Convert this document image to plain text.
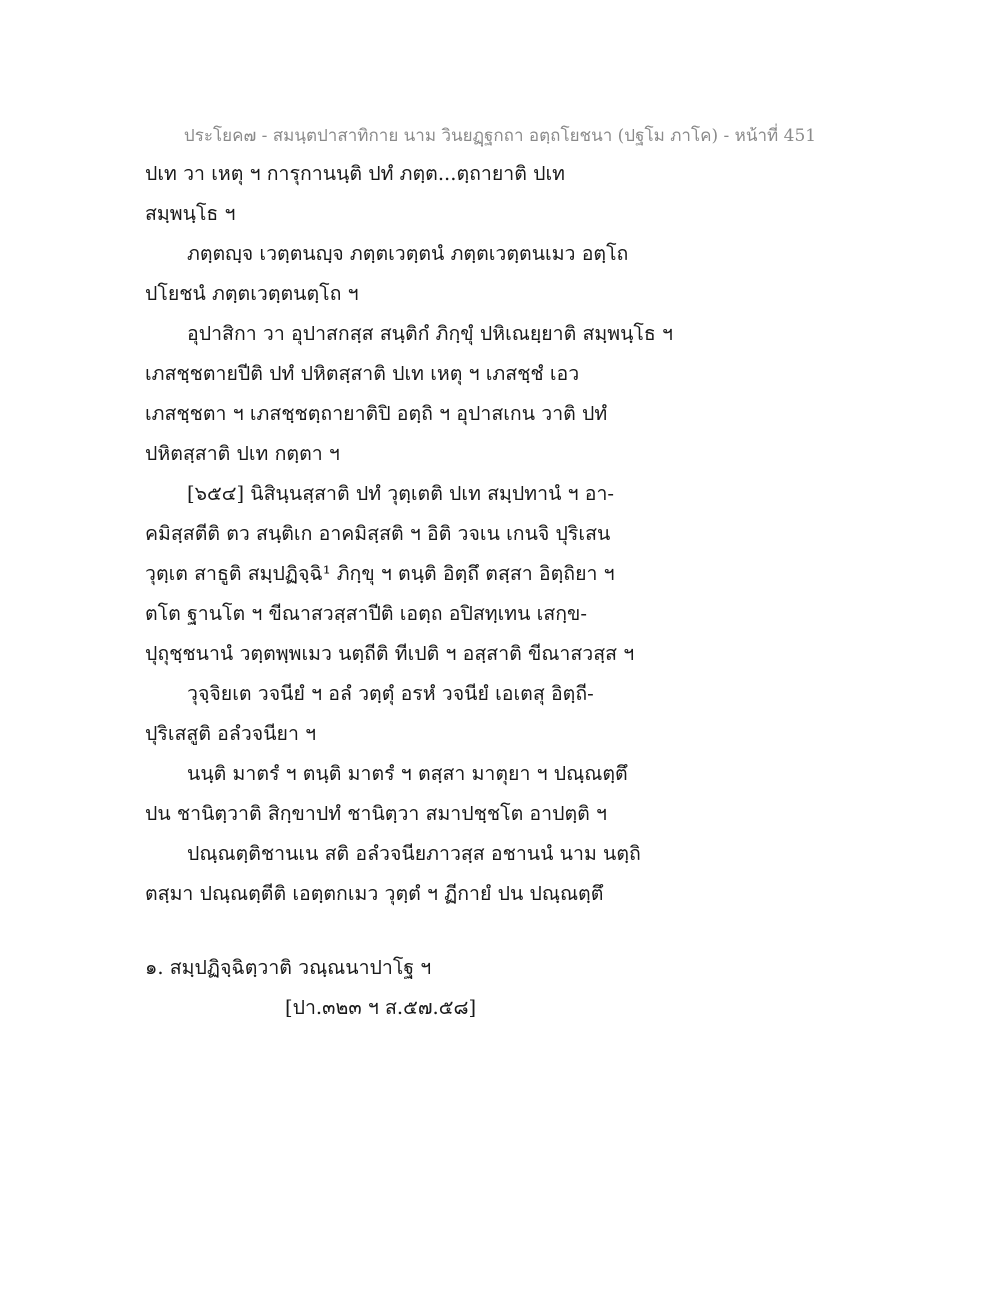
ประโยค๗ - สมนฺตปาสาทิกาย นาม วินยฏฺฐกถา อตฺถโยชนา (ปฐโม ภาโค) - หน้าที่ 451
ปเท วา เหตุ ฯ การุกานนฺติ ปทํ ภตฺต...ตฺถายาติ ปเท
สมฺพนฺโธ ฯ
ภตฺตญฺจ เวตฺตนญฺจ ภตฺตเวตฺตนํ ภตฺตเวตฺตนเมว อตฺโถ
ปโยชนํ ภตฺตเวตฺตนตฺโถ ฯ
อุปาสิกา วา อุปาสกสฺส สนฺติกํ ภิกฺขุํ ปหิเณยฺยาติ สมฺพนฺโธ ฯ
เภสชฺชตายปีติ ปทํ ปหิตสฺสาติ ปเท เหตุ ฯ เภสชฺชํ เอว
เภสชฺชตา ฯ เภสชฺชตฺถายาติปิ อตฺถิ ฯ อุปาสเกน วาติ ปทํ
ปหิตสฺสาติ ปเท กตฺตา ฯ
[๖๕๔] นิสินฺนสฺสาติ ปทํ วุตฺเตติ ปเท สมฺปทานํ ฯ อา-
คมิสฺสตีติ ตว สนฺติเก อาคมิสฺสติ ฯ อิติ วจเน เกนจิ ปุริเสน
วุตฺเต สาธูติ สมฺปฏิจฺฉิ¹ ภิกฺขุ ฯ ตนฺติ อิตฺถึ ตสฺสา อิตฺถิยา ฯ
ตโต ฐานโต ฯ ขีณาสวสฺสาปีติ เอตฺถ อปิสทฺเทน เสกฺข-
ปุถุชฺชนานํ วตฺตพฺพเมว นตฺถีติ ทีเปติ ฯ อสฺสาติ ขีณาสวสฺส ฯ
วุจฺจิยเต วจนียํ ฯ อลํ วตฺตุํ อรหํ วจนียํ เอเตสุ อิตฺถี-
ปุริเสสูติ อลํวจนียา ฯ
นนฺติ มาตรํ ฯ ตนฺติ มาตรํ ฯ ตสฺสา มาตุยา ฯ ปณฺณตฺตึ
ปน ชานิตฺวาติ สิกฺขาปทํ ชานิตฺวา สมาปชฺชโต อาปตฺติ ฯ
ปณฺณตฺติชานเน สติ อลํวจนียภาวสฺส อชานนํ นาม นตฺถิ
ตสฺมา ปณฺณตฺตีติ เอตฺตกเมว วุตฺตํ ฯ ฏีกายํ ปน ปณฺณตฺตึ
๑. สมฺปฏิจฺฉิตฺวาติ วณฺณนาปาโฐ ฯ
[ปา.๓๒๓ ฯ ส.๕๗.๕๘]
